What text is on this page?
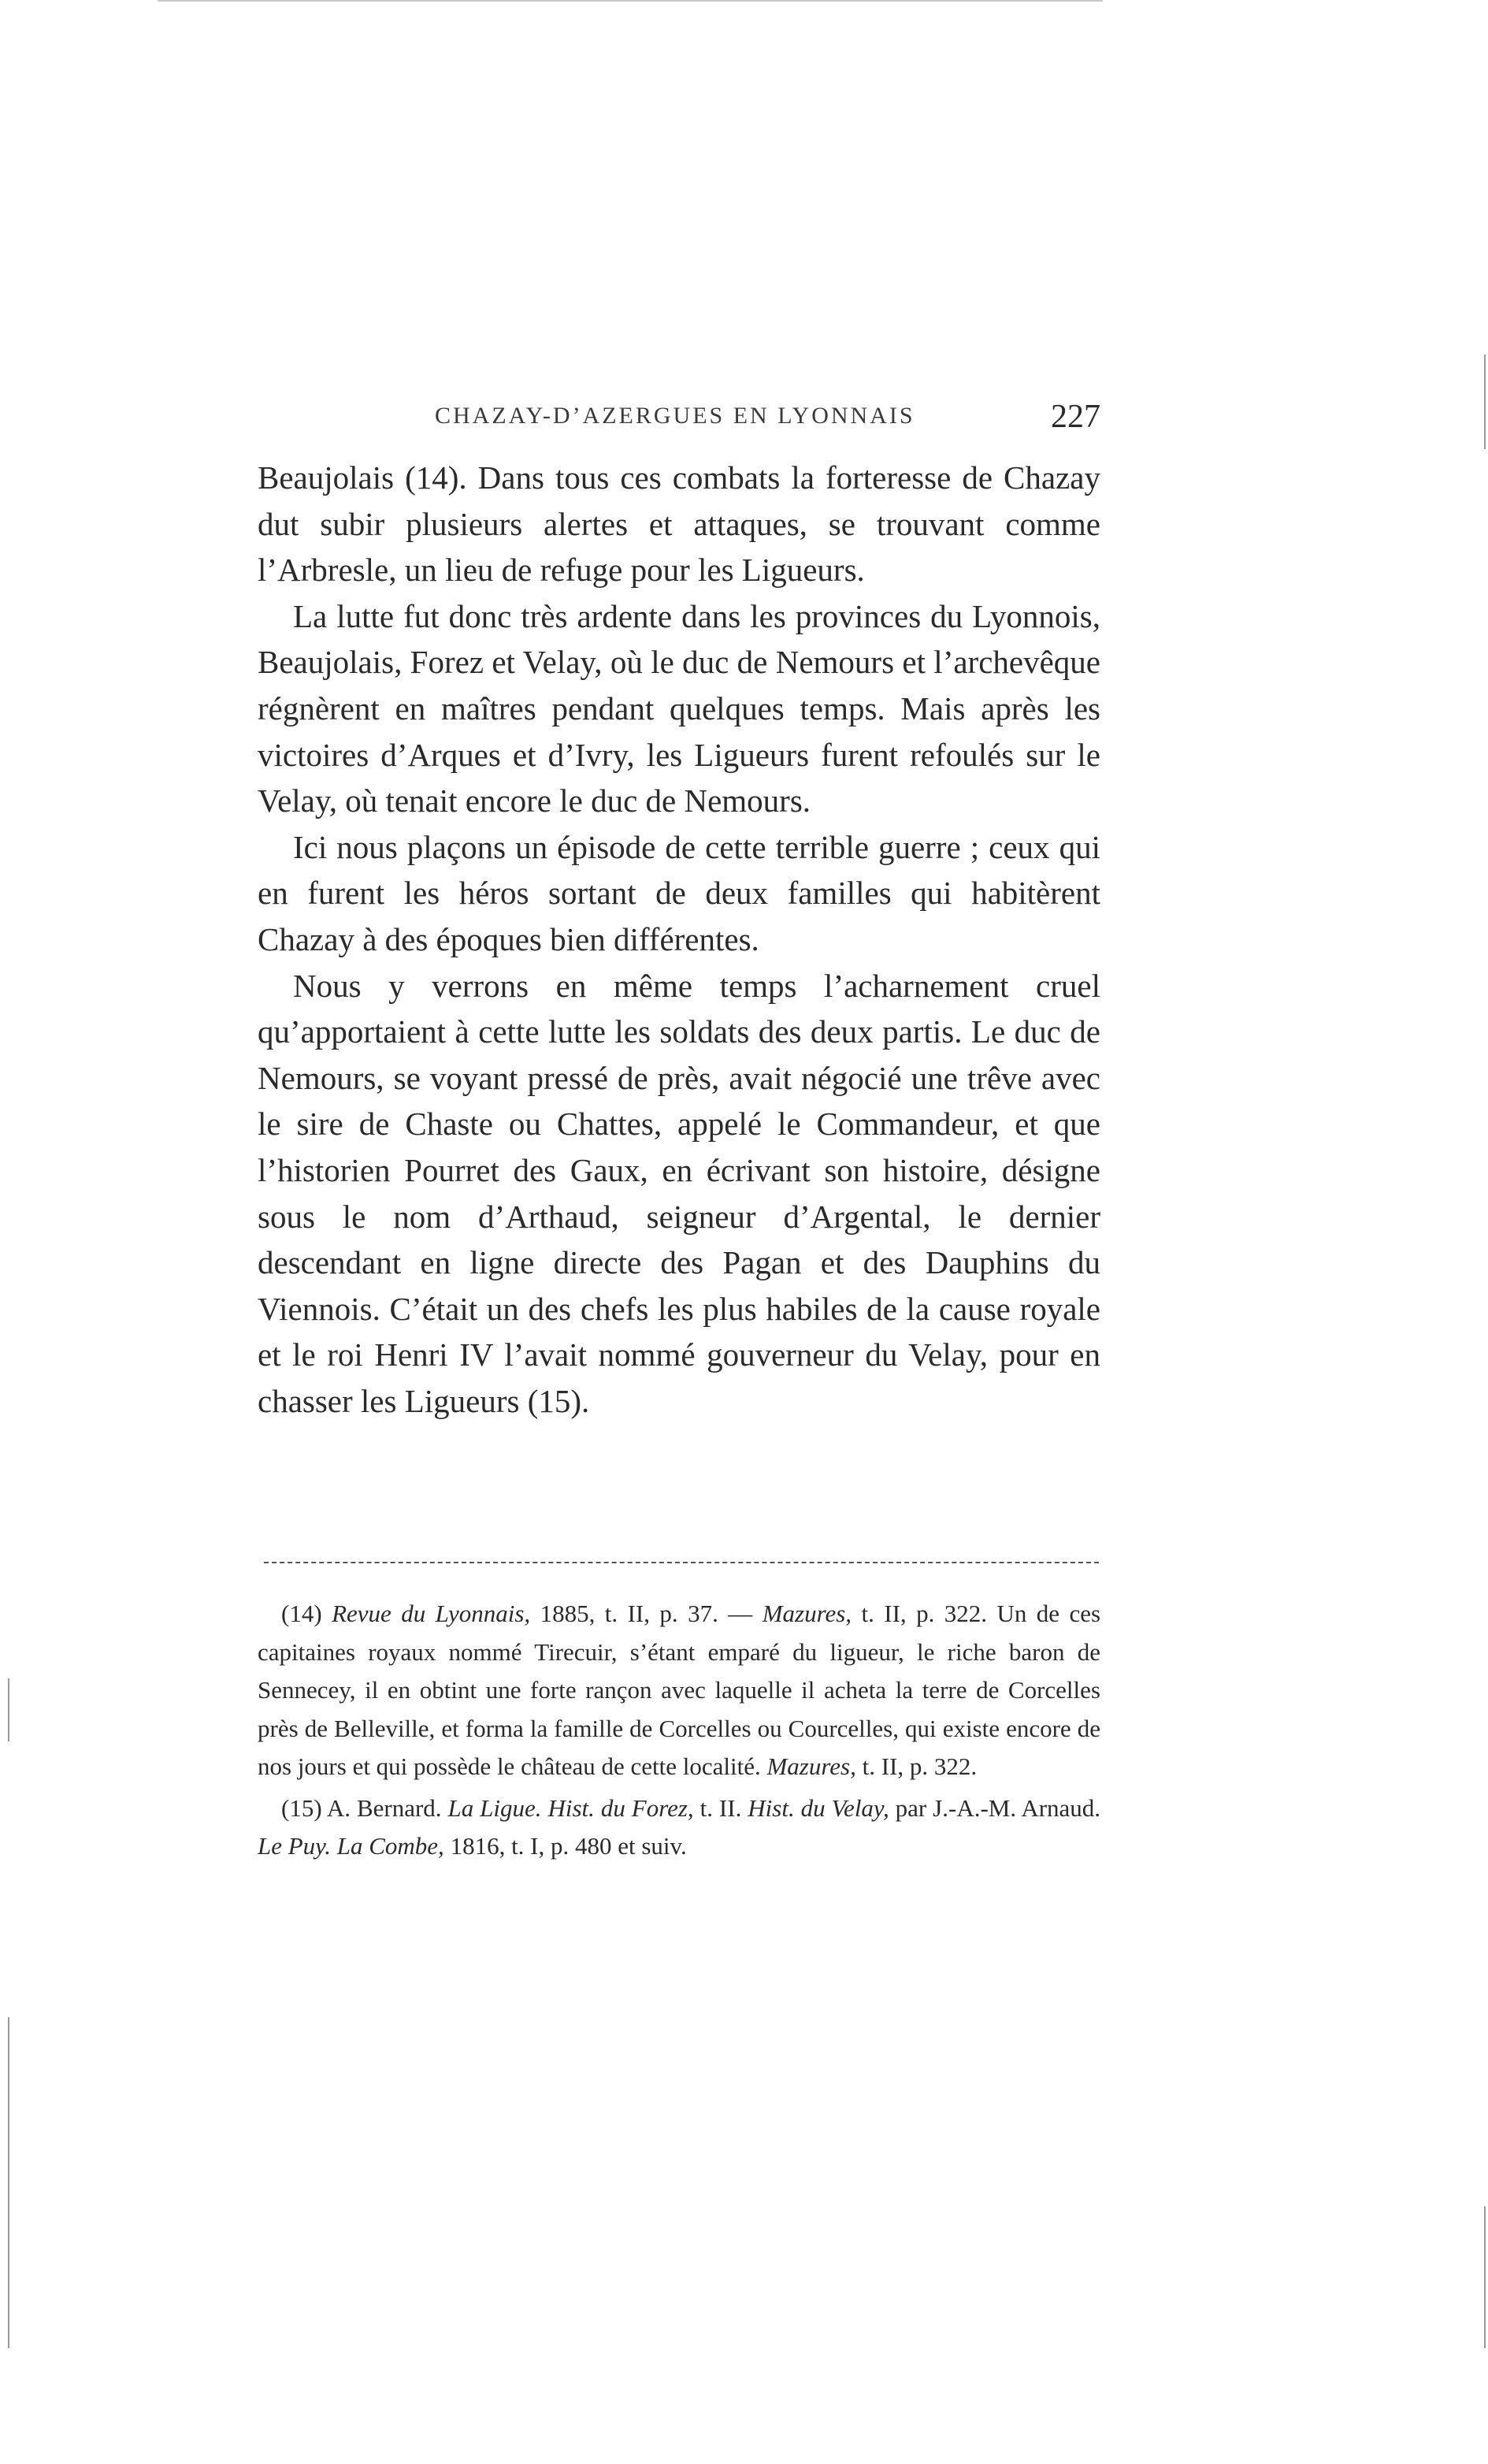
CHAZAY-D’AZERGUES EN LYONNAIS	227

Beaujolais (14). Dans tous ces combats la forteresse de Chazay dut subir plusieurs alertes et attaques, se trouvant comme l’Arbresle, un lieu de refuge pour les Ligueurs.

La lutte fut donc très ardente dans les provinces du Lyonnois, Beaujolais, Forez et Velay, où le duc de Nemours et l’archevêque régnèrent en maîtres pendant quelques temps. Mais après les victoires d’Arques et d’Ivry, les Ligueurs furent refoulés sur le Velay, où tenait encore le duc de Nemours.

Ici nous plaçons un épisode de cette terrible guerre ; ceux qui en furent les héros sortant de deux familles qui habitèrent Chazay à des époques bien différentes.

Nous y verrons en même temps l’acharnement cruel qu’apportaient à cette lutte les soldats des deux partis. Le duc de Nemours, se voyant pressé de près, avait négocié une trêve avec le sire de Chaste ou Chattes, appelé le Commandeur, et que l’historien Pourret des Gaux, en écrivant son histoire, désigne sous le nom d’Arthaud, seigneur d’Argental, le dernier descendant en ligne directe des Pagan et des Dauphins du Viennois. C’était un des chefs les plus habiles de la cause royale et le roi Henri IV l’avait nommé gouverneur du Velay, pour en chasser les Ligueurs (15).

(14) Revue du Lyonnais, 1885, t. II, p. 37. — Mazures, t. II, p. 322. Un de ces capitaines royaux nommé Tirecuir, s’étant emparé du ligueur, le riche baron de Sennecey, il en obtint une forte rançon avec laquelle il acheta la terre de Corcelles près de Belleville, et forma la famille de Corcelles ou Courcelles, qui existe encore de nos jours et qui possède le château de cette localité. Mazures, t. II, p. 322.

(15) A. Bernard. La Ligue. Hist. du Forez, t. II. Hist. du Velay, par J.-A.-M. Arnaud. Le Puy. La Combe, 1816, t. I, p. 480 et suiv.
